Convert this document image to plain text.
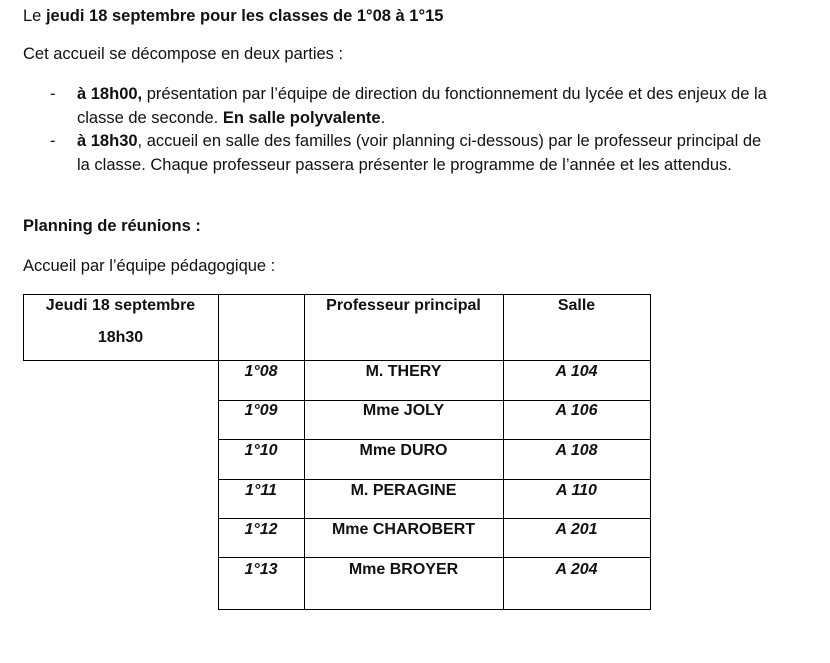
Le jeudi 18 septembre pour les classes de 1°08 à 1°15
Cet accueil se décompose en deux parties :
- à 18h00, présentation par l’équipe de direction du fonctionnement du lycée et des enjeux de la classe de seconde. En salle polyvalente.
- à 18h30, accueil en salle des familles (voir planning ci-dessous) par le professeur principal de la classe. Chaque professeur passera présenter le programme de l’année et les attendus.
Planning de réunions :
Accueil par l’équipe pédagogique :
Jeudi 18 septembre
18h30
Professeur principal	Salle
1°08	M. THERY	A 104
1°09	Mme JOLY	A 106
1°10	Mme DURO	A 108
1°11	M. PERAGINE	A 110
1°12	Mme CHAROBERT	A 201
1°13	Mme BROYER	A 204
